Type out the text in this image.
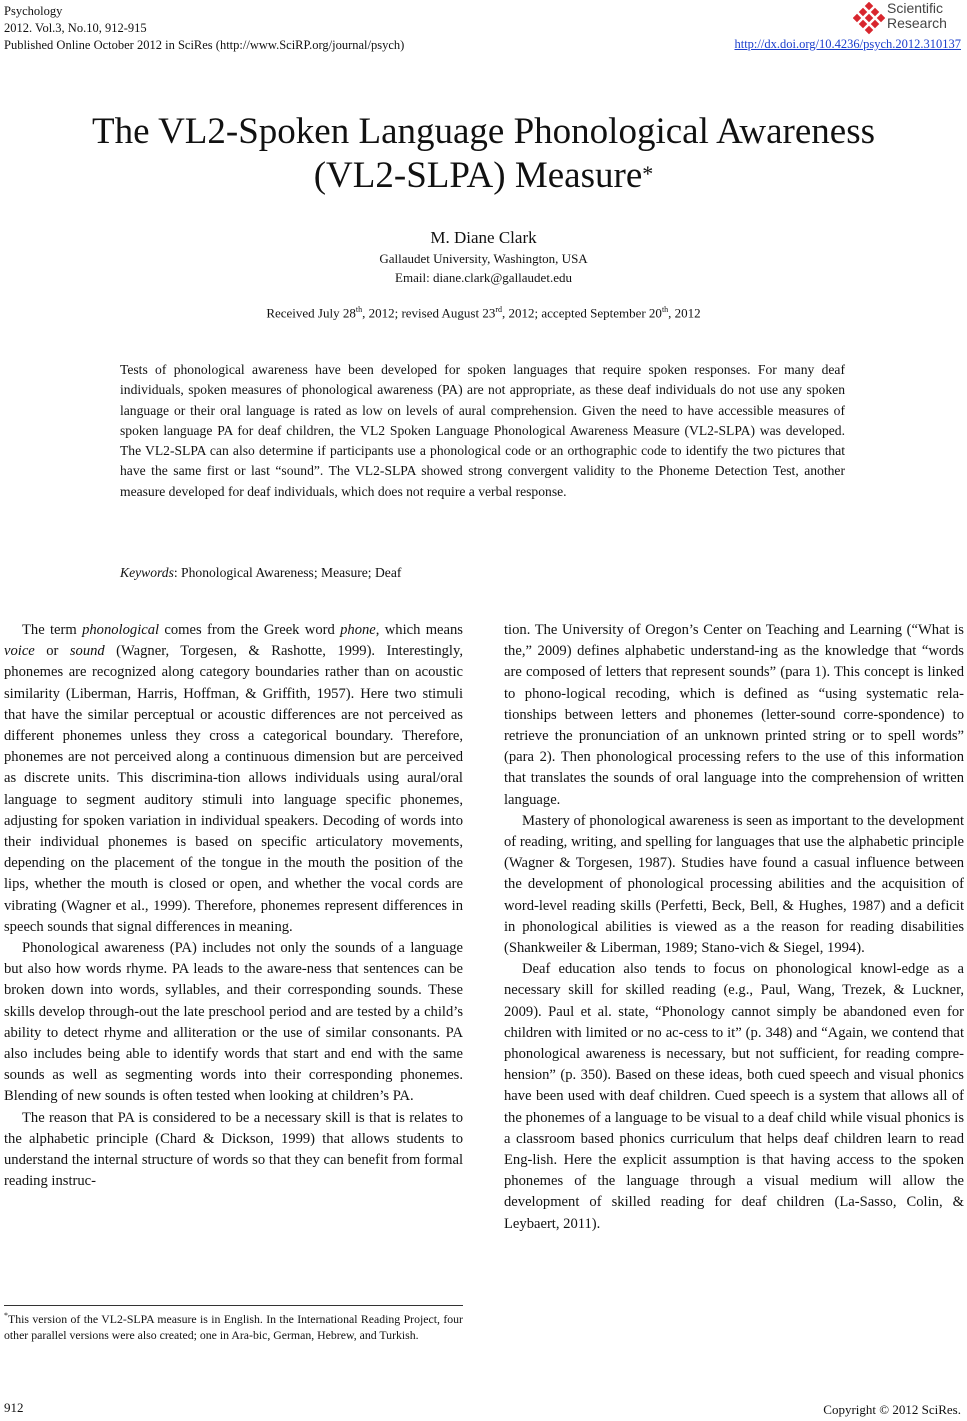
Psychology
2012. Vol.3, No.10, 912-915
Published Online October 2012 in SciRes (http://www.SciRP.org/journal/psych)	http://dx.doi.org/10.4236/psych.2012.310137
Scientific
Research
The VL2-Spoken Language Phonological Awareness
(VL2-SLPA) Measure*
M. Diane Clark
Gallaudet University, Washington, USA
Email: diane.clark@gallaudet.edu
Received July 28th, 2012; revised August 23rd, 2012; accepted September 20th, 2012
Tests of phonological awareness have been developed for spoken languages that require spoken responses. For many deaf individuals, spoken measures of phonological awareness (PA) are not appropriate, as these deaf individuals do not use any spoken language or their oral language is rated as low on levels of aural comprehension. Given the need to have accessible measures of spoken language PA for deaf children, the VL2 Spoken Language Phonological Awareness Measure (VL2-SLPA) was developed. The VL2-SLPA can also determine if participants use a phonological code or an orthographic code to identify the two pictures that have the same first or last “sound”. The VL2-SLPA showed strong convergent validity to the Phoneme Detection Test, another measure developed for deaf individuals, which does not require a verbal response.
Keywords: Phonological Awareness; Measure; Deaf

The term phonological comes from the Greek word phone, which means voice or sound (Wagner, Torgesen, & Rashotte, 1999). Interestingly, phonemes are recognized along category boundaries rather than on acoustic similarity (Liberman, Harris, Hoffman, & Griffith, 1957). Here two stimuli that have the similar perceptual or acoustic differences are not perceived as different phonemes unless they cross a categorical boundary. Therefore, phonemes are not perceived along a continuous dimension but are perceived as discrete units. This discrimina-tion allows individuals using aural/oral language to segment auditory stimuli into language specific phonemes, adjusting for spoken variation in individual speakers. Decoding of words into their individual phonemes is based on specific articulatory movements, depending on the placement of the tongue in the mouth the position of the lips, whether the mouth is closed or open, and whether the vocal cords are vibrating (Wagner et al., 1999). Therefore, phonemes represent differences in speech sounds that signal differences in meaning.

Phonological awareness (PA) includes not only the sounds of a language but also how words rhyme. PA leads to the aware-ness that sentences can be broken down into words, syllables, and their corresponding sounds. These skills develop through-out the late preschool period and are tested by a child’s ability to detect rhyme and alliteration or the use of similar consonants. PA also includes being able to identify words that start and end with the same sounds as well as segmenting words into their corresponding phonemes. Blending of new sounds is often tested when looking at children’s PA.

The reason that PA is considered to be a necessary skill is that is relates to the alphabetic principle (Chard & Dickson, 1999) that allows students to understand the internal structure of words so that they can benefit from formal reading instruc-

tion. The University of Oregon’s Center on Teaching and Learning (“What is the,” 2009) defines alphabetic understand-ing as the knowledge that “words are composed of letters that represent sounds” (para 1). This concept is linked to phono-logical recoding, which is defined as “using systematic rela-tionships between letters and phonemes (letter-sound corre-spondence) to retrieve the pronunciation of an unknown printed string or to spell words” (para 2). Then phonological processing refers to the use of this information that translates the sounds of oral language into the comprehension of written language.

Mastery of phonological awareness is seen as important to the development of reading, writing, and spelling for languages that use the alphabetic principle (Wagner & Torgesen, 1987). Studies have found a casual influence between the development of phonological processing abilities and the acquisition of word-level reading skills (Perfetti, Beck, Bell, & Hughes, 1987) and a deficit in phonological abilities is viewed as a the reason for reading disabilities (Shankweiler & Liberman, 1989; Stano-vich & Siegel, 1994).

Deaf education also tends to focus on phonological knowl-edge as a necessary skill for skilled reading (e.g., Paul, Wang, Trezek, & Luckner, 2009). Paul et al. state, “Phonology cannot simply be abandoned even for children with limited or no ac-cess to it” (p. 348) and “Again, we contend that phonological awareness is necessary, but not sufficient, for reading compre-hension” (p. 350). Based on these ideas, both cued speech and visual phonics have been used with deaf children. Cued speech is a system that allows all of the phonemes of a language to be visual to a deaf child while visual phonics is a classroom based phonics curriculum that helps deaf children learn to read Eng-lish. Here the explicit assumption is that having access to the spoken phonemes of the language through a visual medium will allow the development of skilled reading for deaf children (La-Sasso, Colin, & Leybaert, 2011).

*This version of the VL2-SLPA measure is in English. In the International Reading Project, four other parallel versions were also created; one in Ara-bic, German, Hebrew, and Turkish.
912	Copyright © 2012 SciRes.
